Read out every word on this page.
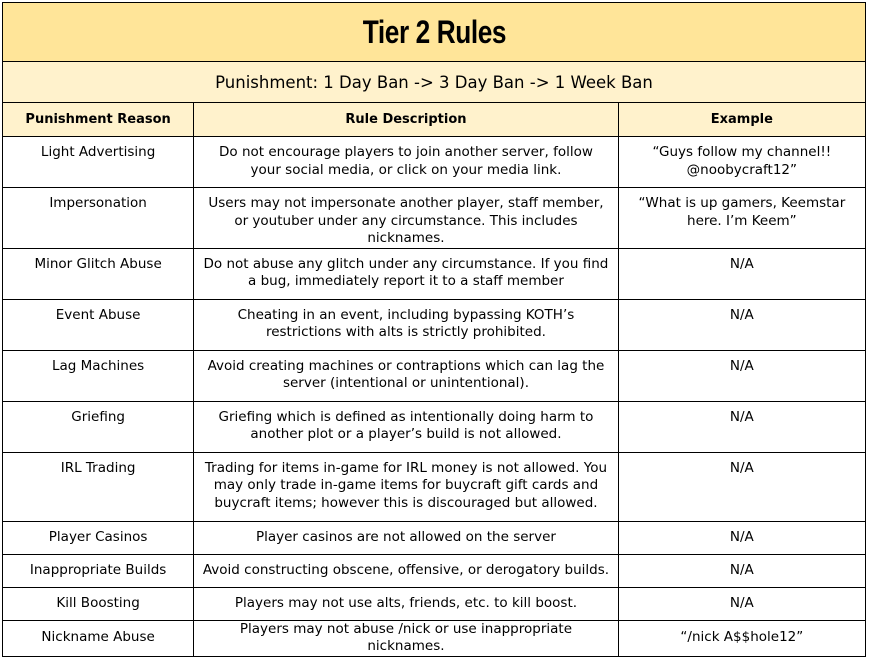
Tier 2 Rules		
Punishment: 1 Day Ban -> 3 Day Ban -> 1 Week Ban		
Punishment Reason	Rule Description	Example
Light Advertising	Do not encourage players to join another server, follow your social media, or click on your media link.	“Guys follow my channel!! @noobycraft12”
Impersonation	Users may not impersonate another player, staff member, or youtuber under any circumstance. This includes nicknames.	“What is up gamers, Keemstar here. I’m Keem”
Minor Glitch Abuse	Do not abuse any glitch under any circumstance. If you find a bug, immediately report it to a staff member	N/A
Event Abuse	Cheating in an event, including bypassing KOTH’s restrictions with alts is strictly prohibited.	N/A
Lag Machines	Avoid creating machines or contraptions which can lag the server (intentional or unintentional).	N/A
Griefing	Griefing which is defined as intentionally doing harm to another plot or a player’s build is not allowed.	N/A
IRL Trading	Trading for items in-game for IRL money is not allowed. You may only trade in-game items for buycraft gift cards and buycraft items; however this is discouraged but allowed.	N/A
Player Casinos	Player casinos are not allowed on the server	N/A
Inappropriate Builds	Avoid constructing obscene, offensive, or derogatory builds.	N/A
Kill Boosting	Players may not use alts, friends, etc. to kill boost.	N/A
Nickname Abuse	Players may not abuse /nick or use inappropriate nicknames.	“/nick A$$hole12”
